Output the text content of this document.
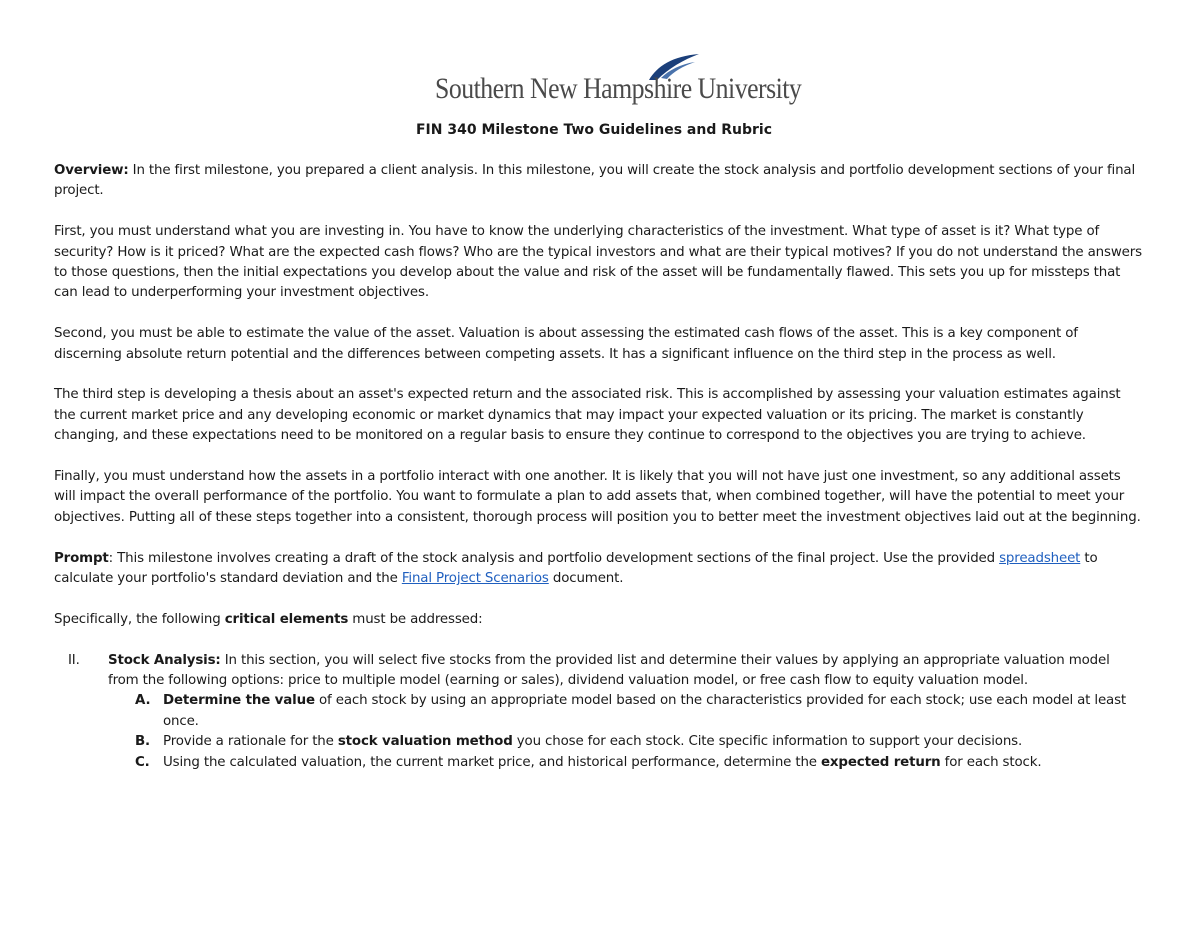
Southern New Hampshire University
FIN 340 Milestone Two Guidelines and Rubric

Overview: In the first milestone, you prepared a client analysis. In this milestone, you will create the stock analysis and portfolio development sections of your final project.

First, you must understand what you are investing in. You have to know the underlying characteristics of the investment. What type of asset is it? What type of security? How is it priced? What are the expected cash flows? Who are the typical investors and what are their typical motives? If you do not understand the answers to those questions, then the initial expectations you develop about the value and risk of the asset will be fundamentally flawed. This sets you up for missteps that can lead to underperforming your investment objectives.

Second, you must be able to estimate the value of the asset. Valuation is about assessing the estimated cash flows of the asset. This is a key component of discerning absolute return potential and the differences between competing assets. It has a significant influence on the third step in the process as well.

The third step is developing a thesis about an asset's expected return and the associated risk. This is accomplished by assessing your valuation estimates against the current market price and any developing economic or market dynamics that may impact your expected valuation or its pricing. The market is constantly changing, and these expectations need to be monitored on a regular basis to ensure they continue to correspond to the objectives you are trying to achieve.

Finally, you must understand how the assets in a portfolio interact with one another. It is likely that you will not have just one investment, so any additional assets will impact the overall performance of the portfolio. You want to formulate a plan to add assets that, when combined together, will have the potential to meet your objectives. Putting all of these steps together into a consistent, thorough process will position you to better meet the investment objectives laid out at the beginning.

Prompt: This milestone involves creating a draft of the stock analysis and portfolio development sections of the final project. Use the provided spreadsheet to calculate your portfolio's standard deviation and the Final Project Scenarios document.

Specifically, the following critical elements must be addressed:

II. Stock Analysis: In this section, you will select five stocks from the provided list and determine their values by applying an appropriate valuation model from the following options: price to multiple model (earning or sales), dividend valuation model, or free cash flow to equity valuation model.
A. Determine the value of each stock by using an appropriate model based on the characteristics provided for each stock; use each model at least once.
B. Provide a rationale for the stock valuation method you chose for each stock. Cite specific information to support your decisions.
C. Using the calculated valuation, the current market price, and historical performance, determine the expected return for each stock.
